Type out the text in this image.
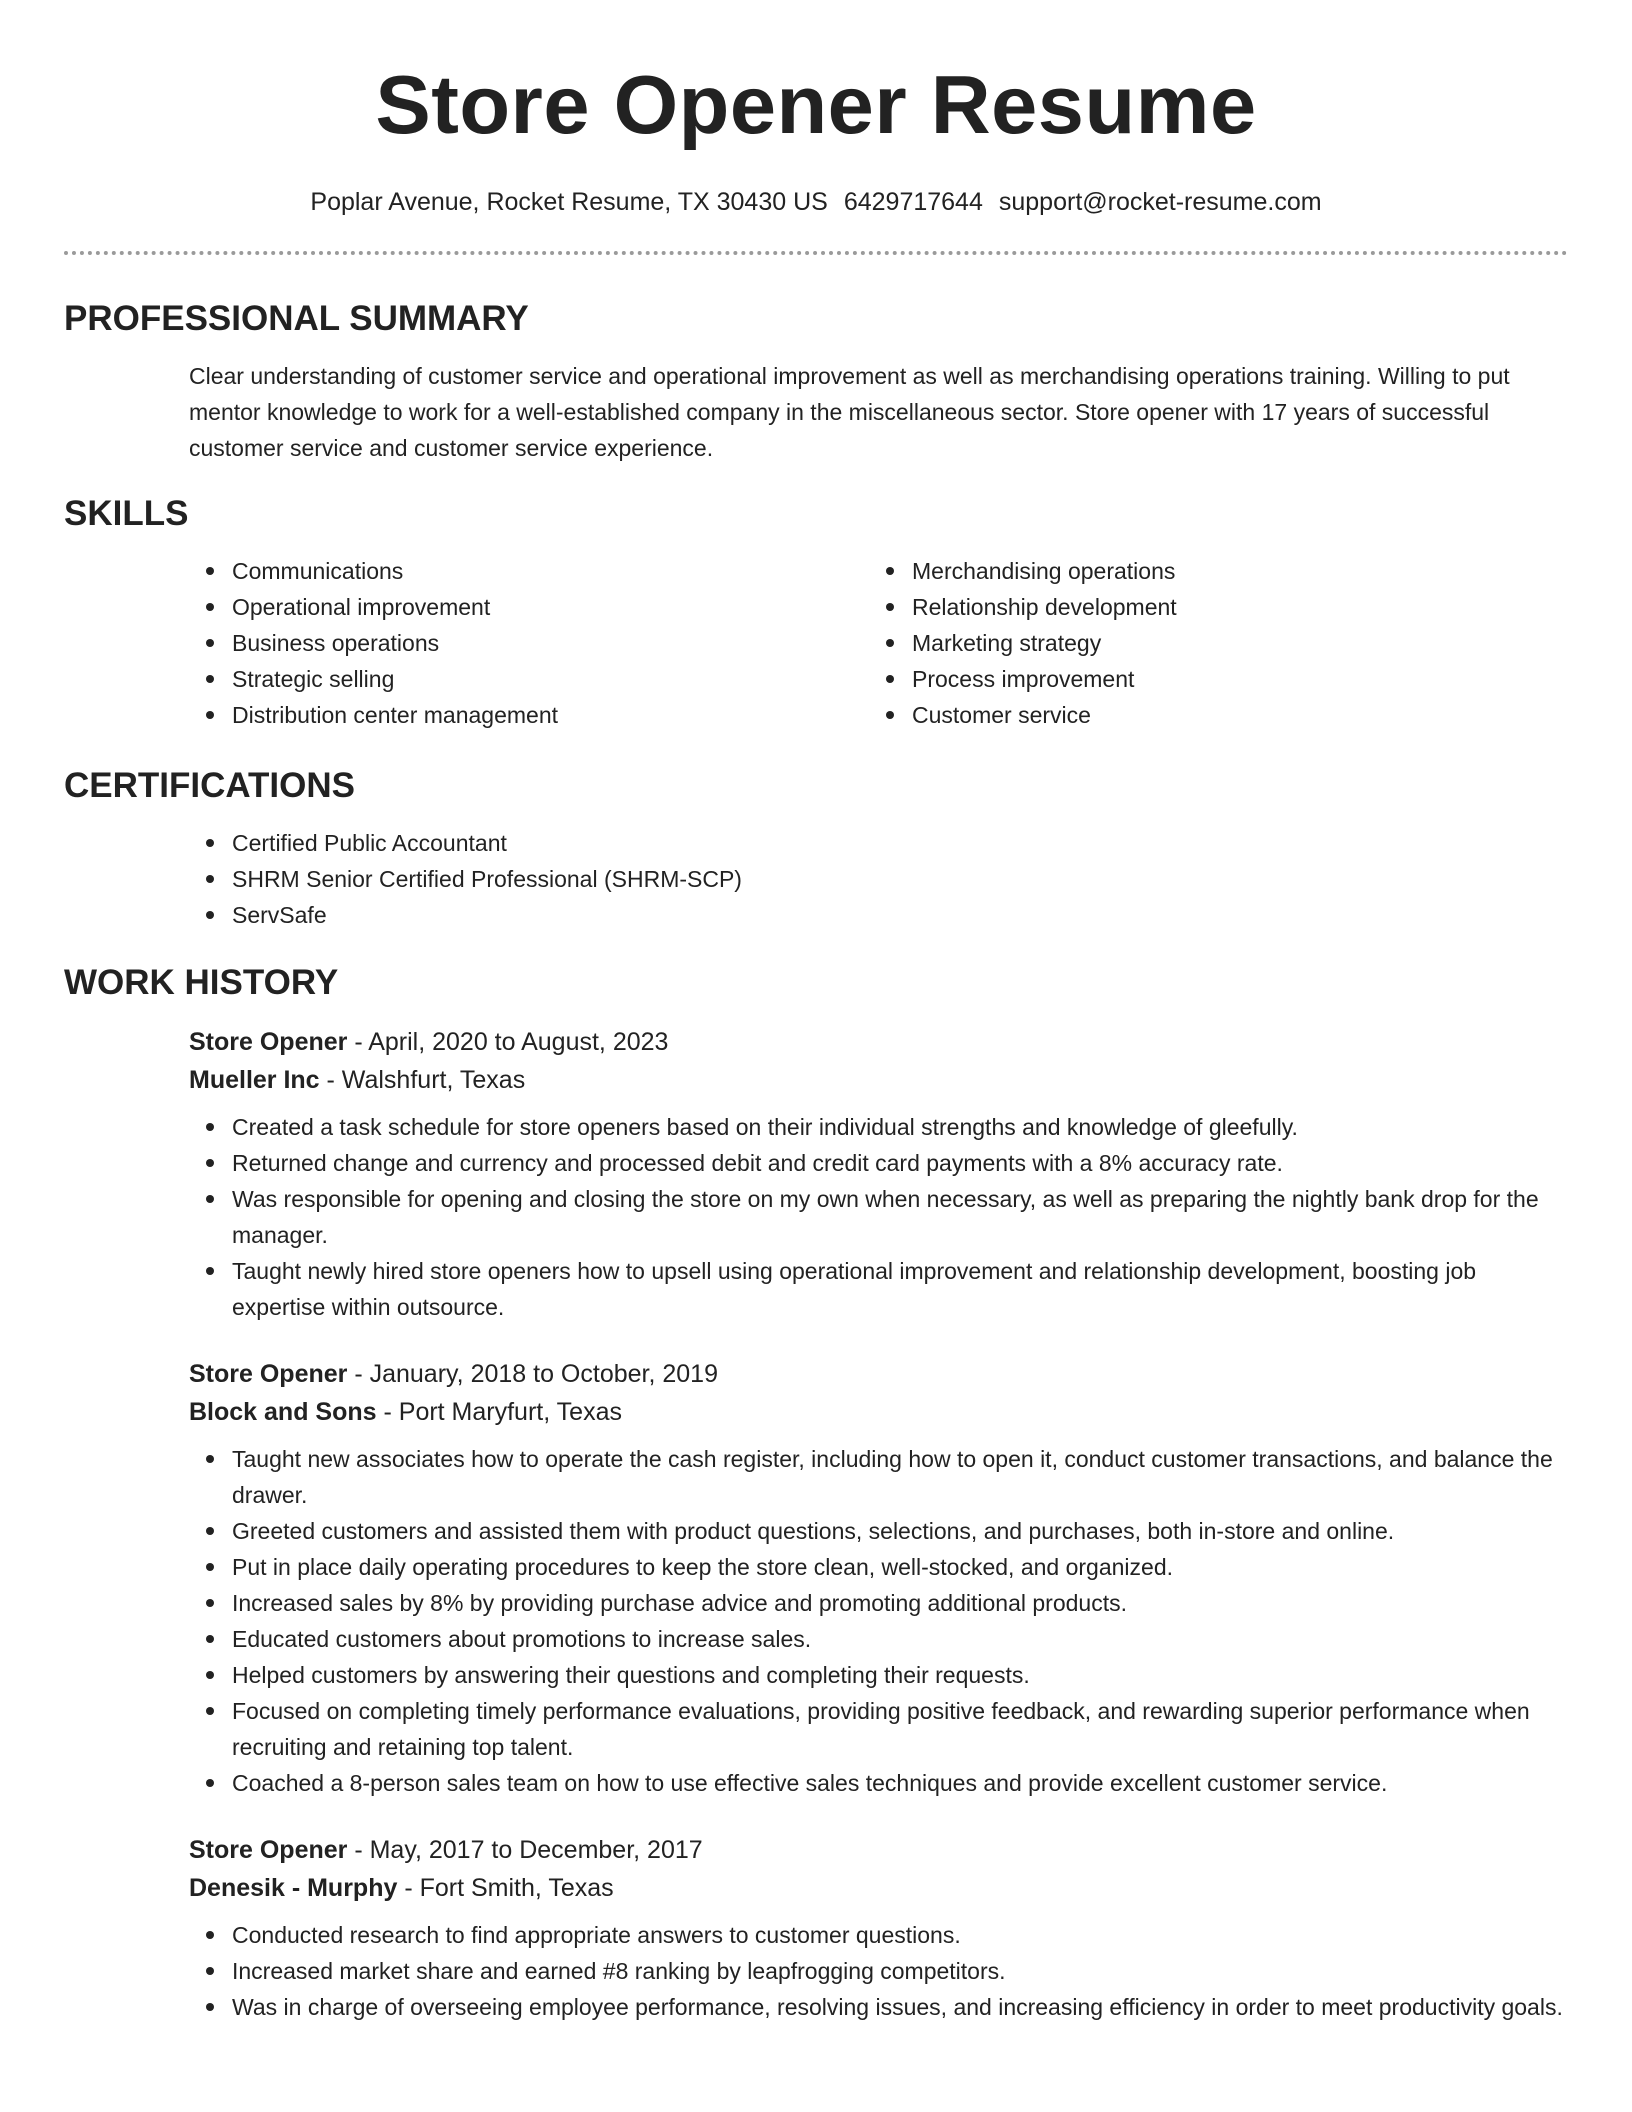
Store Opener Resume
Poplar Avenue, Rocket Resume, TX 30430 US 6429717644 support@rocket-resume.com
PROFESSIONAL SUMMARY

Clear understanding of customer service and operational improvement as well as merchandising operations training. Willing to put mentor knowledge to work for a well-established company in the miscellaneous sector. Store opener with 17 years of successful customer service and customer service experience.

SKILLS
Communications
Operational improvement
Business operations
Strategic selling
Distribution center management
Merchandising operations
Relationship development
Marketing strategy
Process improvement
Customer service
CERTIFICATIONS
Certified Public Accountant
SHRM Senior Certified Professional (SHRM-SCP)
ServSafe
WORK HISTORY
Store Opener - April, 2020 to August, 2023
Mueller Inc - Walshfurt, Texas
Created a task schedule for store openers based on their individual strengths and knowledge of gleefully.
Returned change and currency and processed debit and credit card payments with a 8% accuracy rate.
Was responsible for opening and closing the store on my own when necessary, as well as preparing the nightly bank drop for the manager.
Taught newly hired store openers how to upsell using operational improvement and relationship development, boosting job expertise within outsource.
Store Opener - January, 2018 to October, 2019
Block and Sons - Port Maryfurt, Texas
Taught new associates how to operate the cash register, including how to open it, conduct customer transactions, and balance the drawer.
Greeted customers and assisted them with product questions, selections, and purchases, both in-store and online.
Put in place daily operating procedures to keep the store clean, well-stocked, and organized.
Increased sales by 8% by providing purchase advice and promoting additional products.
Educated customers about promotions to increase sales.
Helped customers by answering their questions and completing their requests.
Focused on completing timely performance evaluations, providing positive feedback, and rewarding superior performance when recruiting and retaining top talent.
Coached a 8-person sales team on how to use effective sales techniques and provide excellent customer service.
Store Opener - May, 2017 to December, 2017
Denesik - Murphy - Fort Smith, Texas
Conducted research to find appropriate answers to customer questions.
Increased market share and earned #8 ranking by leapfrogging competitors.
Was in charge of overseeing employee performance, resolving issues, and increasing efficiency in order to meet productivity goals.
